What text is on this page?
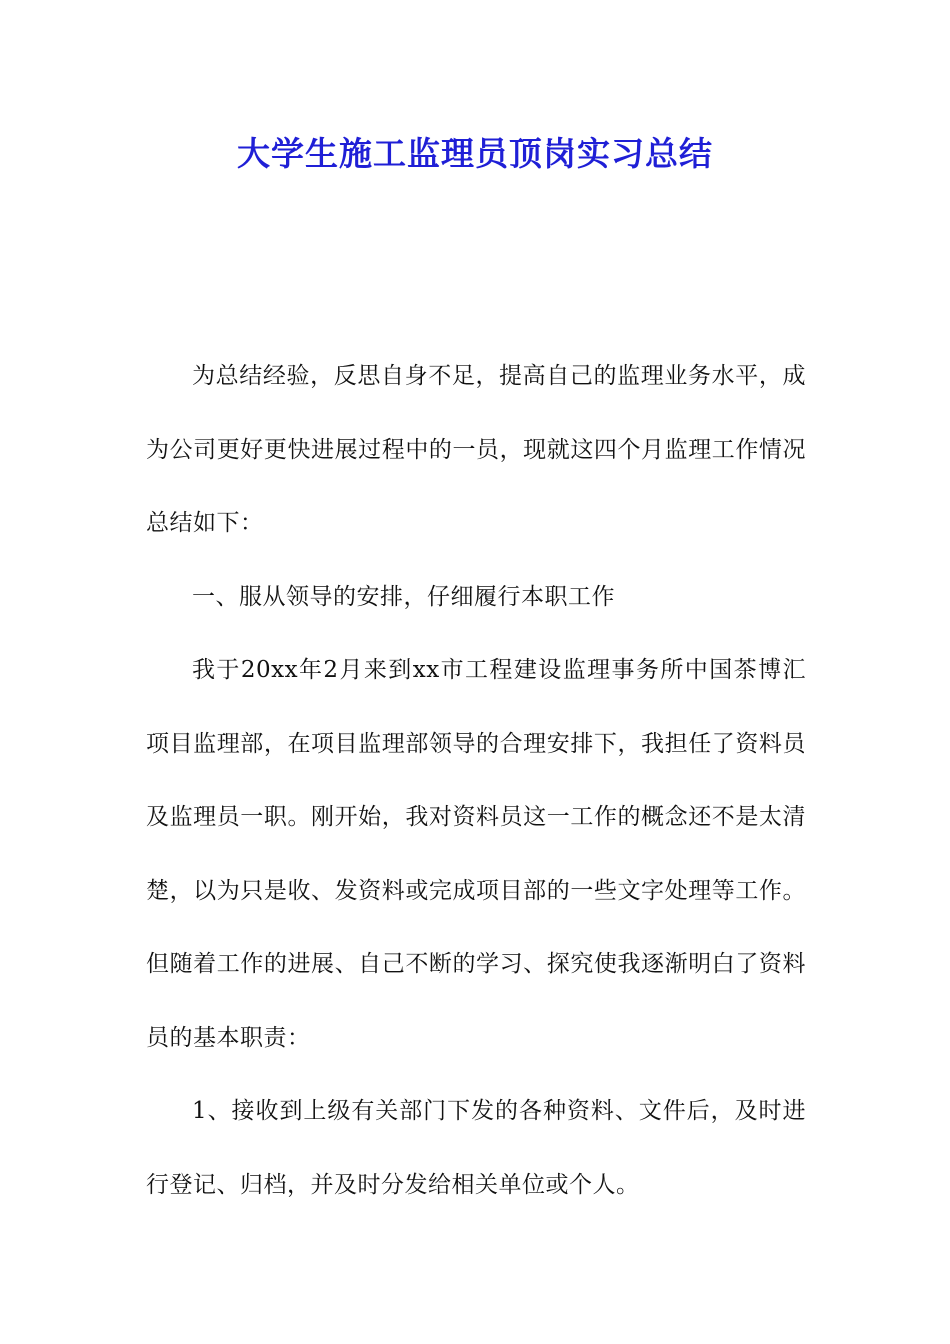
大学生施工监理员顶岗实习总结

为总结经验，反思自身不足，提高自己的监理业务水平，成为公司更好更快进展过程中的一员，现就这四个月监理工作情况总结如下：

一、服从领导的安排，仔细履行本职工作

我于20xx年2月来到xx市工程建设监理事务所中国茶博汇项目监理部，在项目监理部领导的合理安排下，我担任了资料员及监理员一职。刚开始，我对资料员这一工作的概念还不是太清楚，以为只是收、发资料或完成项目部的一些文字处理等工作。但随着工作的进展、自己不断的学习、探究使我逐渐明白了资料员的基本职责：

1、接收到上级有关部门下发的各种资料、文件后，及时进行登记、归档，并及时分发给相关单位或个人。
